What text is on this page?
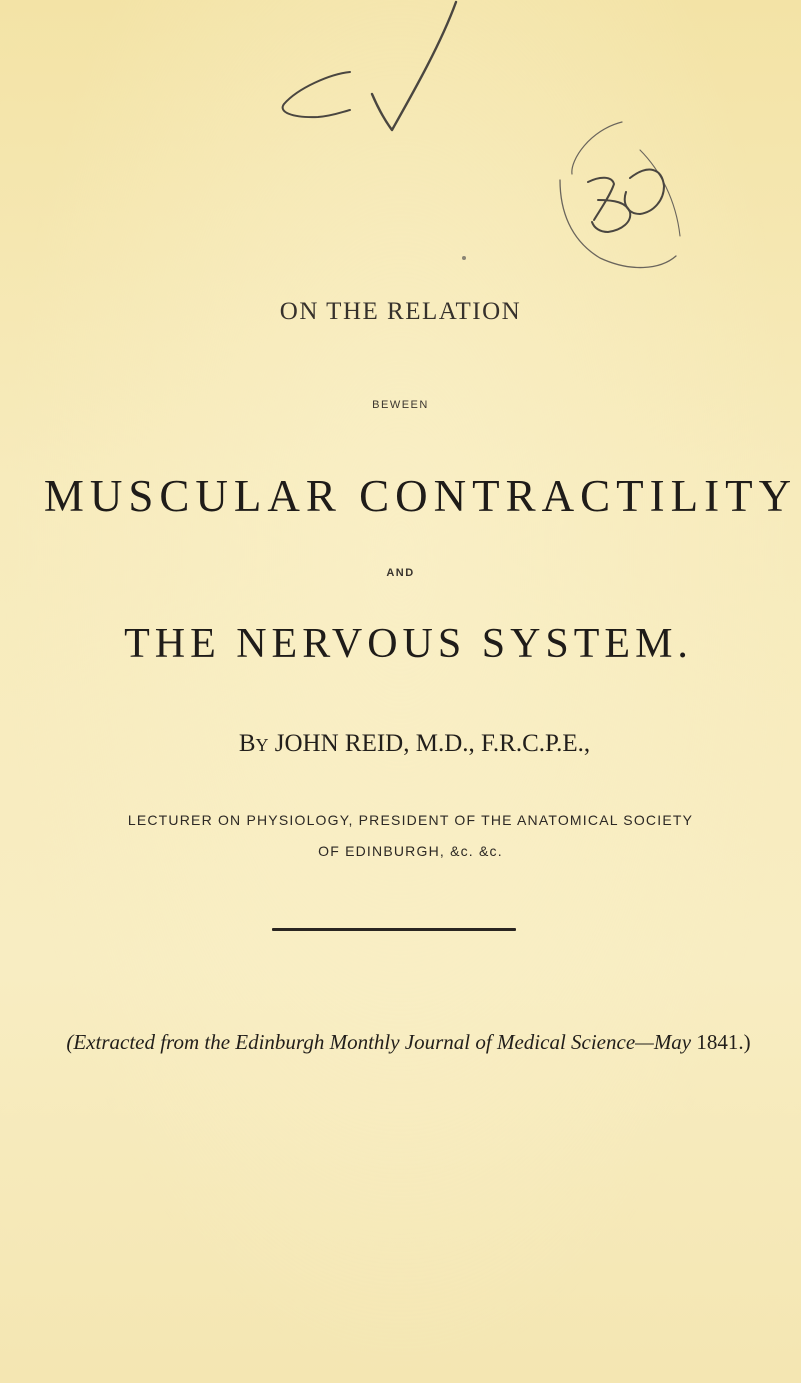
ON THE RELATION
BEWEEN
MUSCULAR CONTRACTILITY
AND
THE NERVOUS SYSTEM.
By JOHN REID, M.D., F.R.C.P.E.,
LECTURER ON PHYSIOLOGY, PRESIDENT OF THE ANATOMICAL SOCIETY
OF EDINBURGH, &c. &c.
(Extracted from the Edinburgh Monthly Journal of Medical Science—May 1841.)
